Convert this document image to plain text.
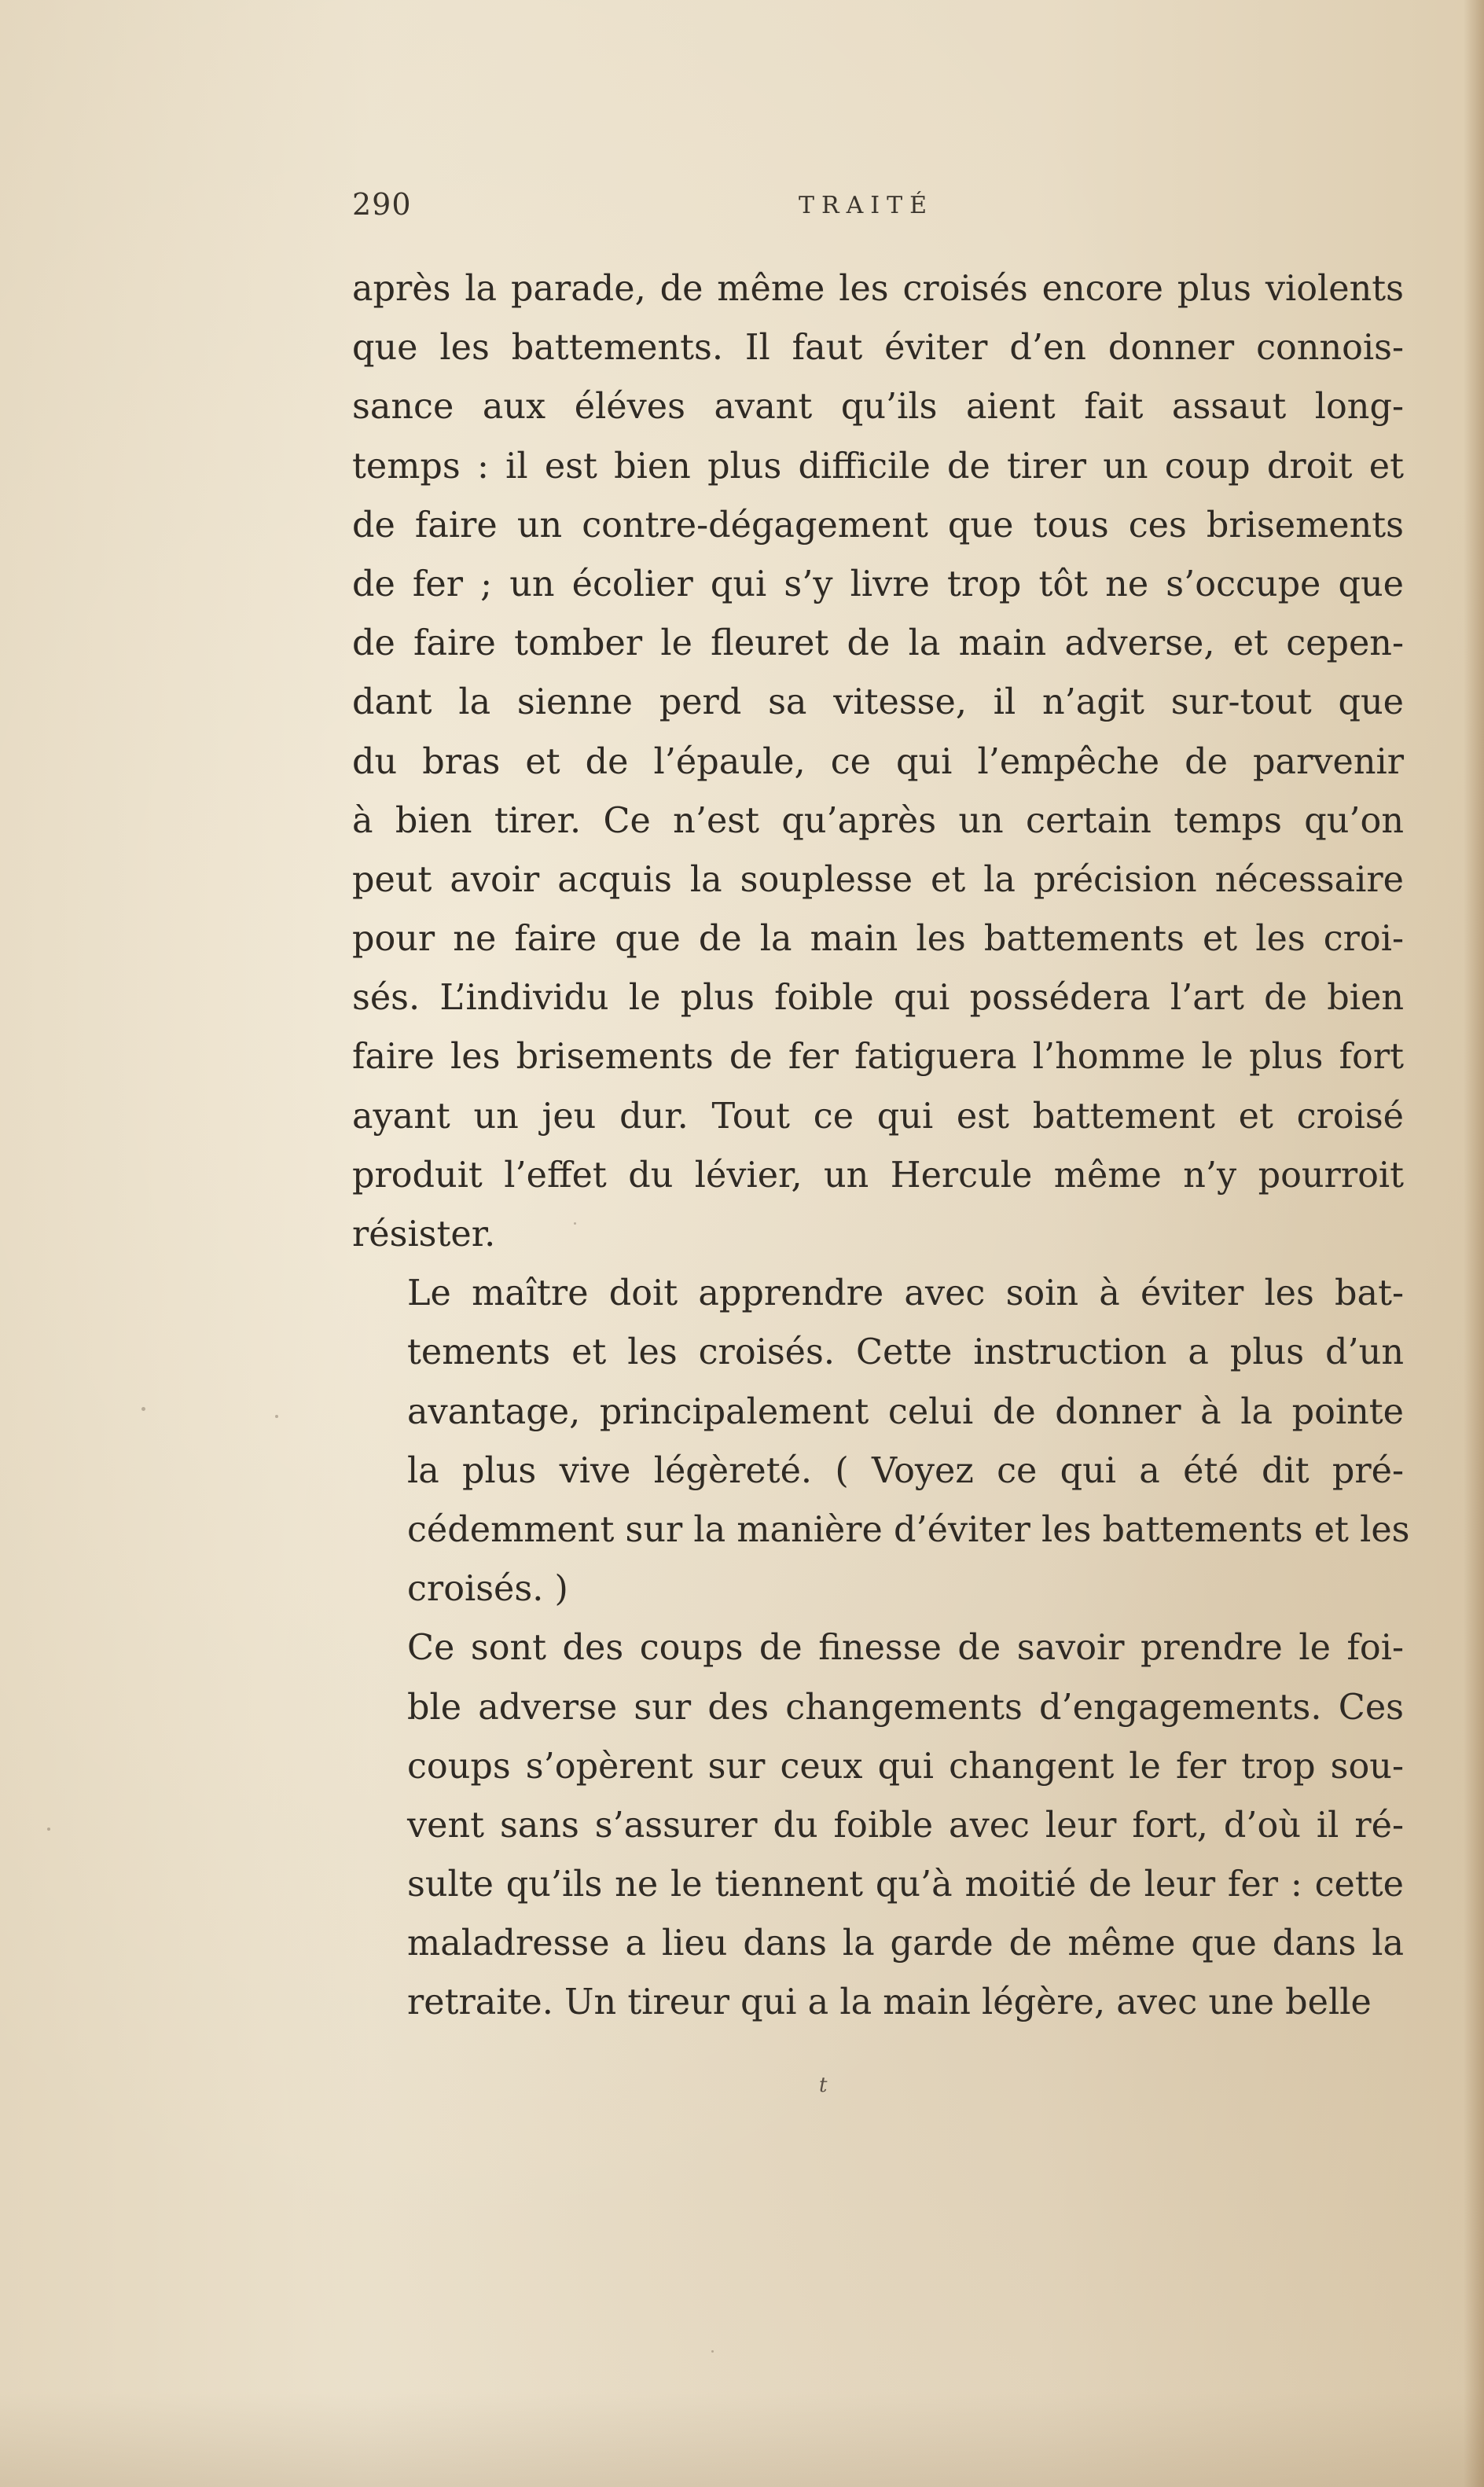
290	TRAITÉ

après la parade, de même les croisés encore plus violents
que les battements. Il faut éviter d’en donner connois-
sance aux éléves avant qu’ils aient fait assaut long-
temps : il est bien plus difficile de tirer un coup droit et
de faire un contre-dégagement que tous ces brisements
de fer ; un écolier qui s’y livre trop tôt ne s’occupe que
de faire tomber le fleuret de la main adverse, et cepen-
dant la sienne perd sa vitesse, il n’agit sur-tout que
du bras et de l’épaule, ce qui l’empêche de parvenir
à bien tirer. Ce n’est qu’après un certain temps qu’on
peut avoir acquis la souplesse et la précision nécessaire
pour ne faire que de la main les battements et les croi-
sés. L’individu le plus foible qui possédera l’art de bien
faire les brisements de fer fatiguera l’homme le plus fort
ayant un jeu dur. Tout ce qui est battement et croisé
produit l’effet du lévier, un Hercule même n’y pourroit
résister.

Le maître doit apprendre avec soin à éviter les bat-
tements et les croisés. Cette instruction a plus d’un
avantage, principalement celui de donner à la pointe
la plus vive légèreté. ( Voyez ce qui a été dit pré-
cédemment sur la manière d’éviter les battements et les
croisés. )

Ce sont des coups de finesse de savoir prendre le foi-
ble adverse sur des changements d’engagements. Ces
coups s’opèrent sur ceux qui changent le fer trop sou-
vent sans s’assurer du foible avec leur fort, d’où il ré-
sulte qu’ils ne le tiennent qu’à moitié de leur fer : cette
maladresse a lieu dans la garde de même que dans la
retraite. Un tireur qui a la main légère, avec une belle

t
